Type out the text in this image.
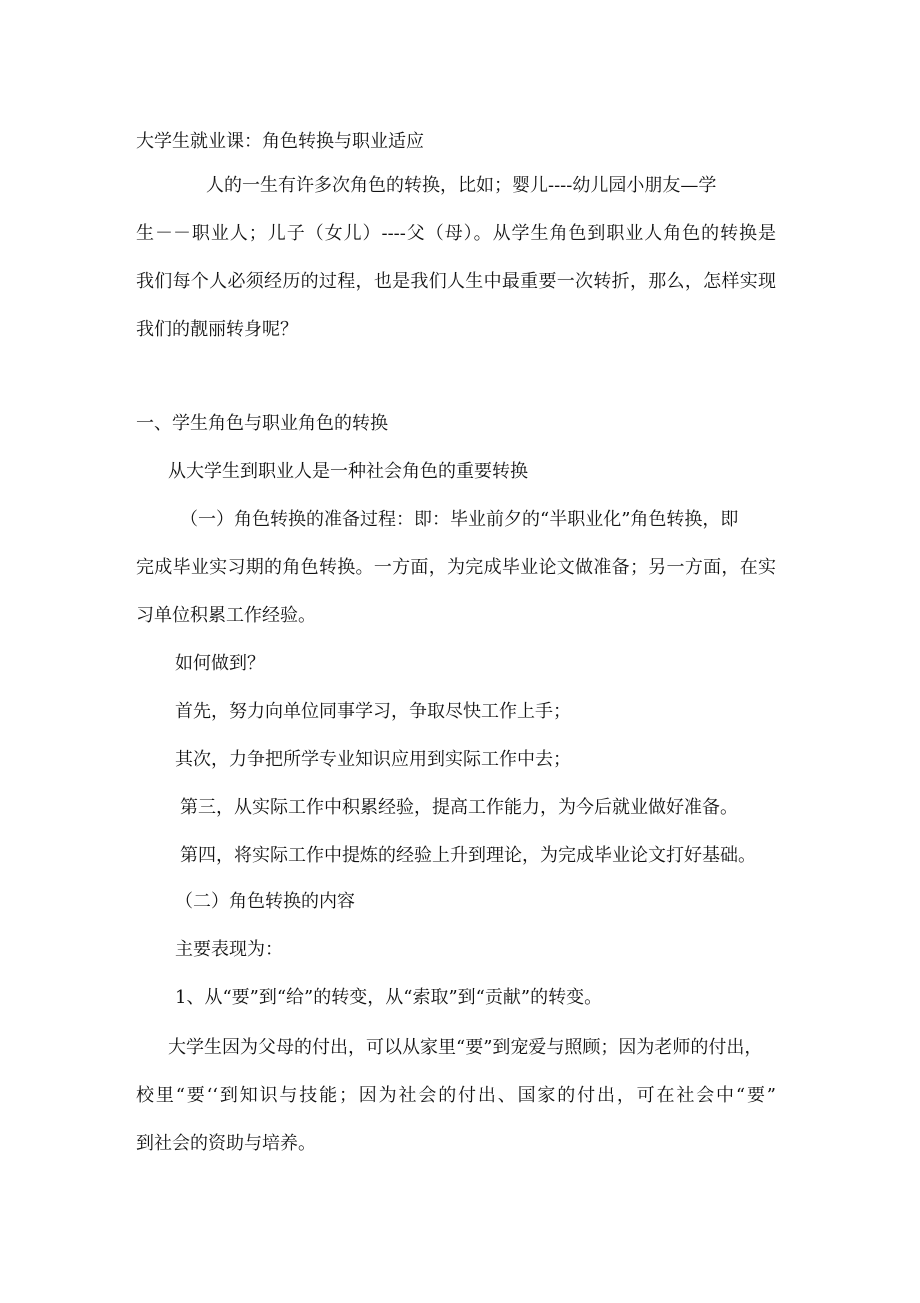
大学生就业课：角色转换与职业适应
人的一生有许多次角色的转换，比如；婴儿----幼儿园小朋友—学
生－－职业人；儿子（女儿）----父（母）。从学生角色到职业人角色的转换是
我们每个人必须经历的过程，也是我们人生中最重要一次转折，那么，怎样实现
我们的靓丽转身呢？
一、学生角色与职业角色的转换
从大学生到职业人是一种社会角色的重要转换
（一）角色转换的准备过程：即：毕业前夕的“半职业化”角色转换，即
完成毕业实习期的角色转换。一方面，为完成毕业论文做准备；另一方面，在实
习单位积累工作经验。
如何做到？
首先，努力向单位同事学习，争取尽快工作上手；
其次，力争把所学专业知识应用到实际工作中去；
第三，从实际工作中积累经验，提高工作能力，为今后就业做好准备。
第四，将实际工作中提炼的经验上升到理论，为完成毕业论文打好基础。
（二）角色转换的内容
主要表现为：
1、从“要”到“给”的转变，从“索取”到“贡献”的转变。
大学生因为父母的付出，可以从家里“要”到宠爱与照顾；因为老师的付出，
校里“要‘‘到知识与技能；因为社会的付出、国家的付出，可在社会中“要”
到社会的资助与培养。
